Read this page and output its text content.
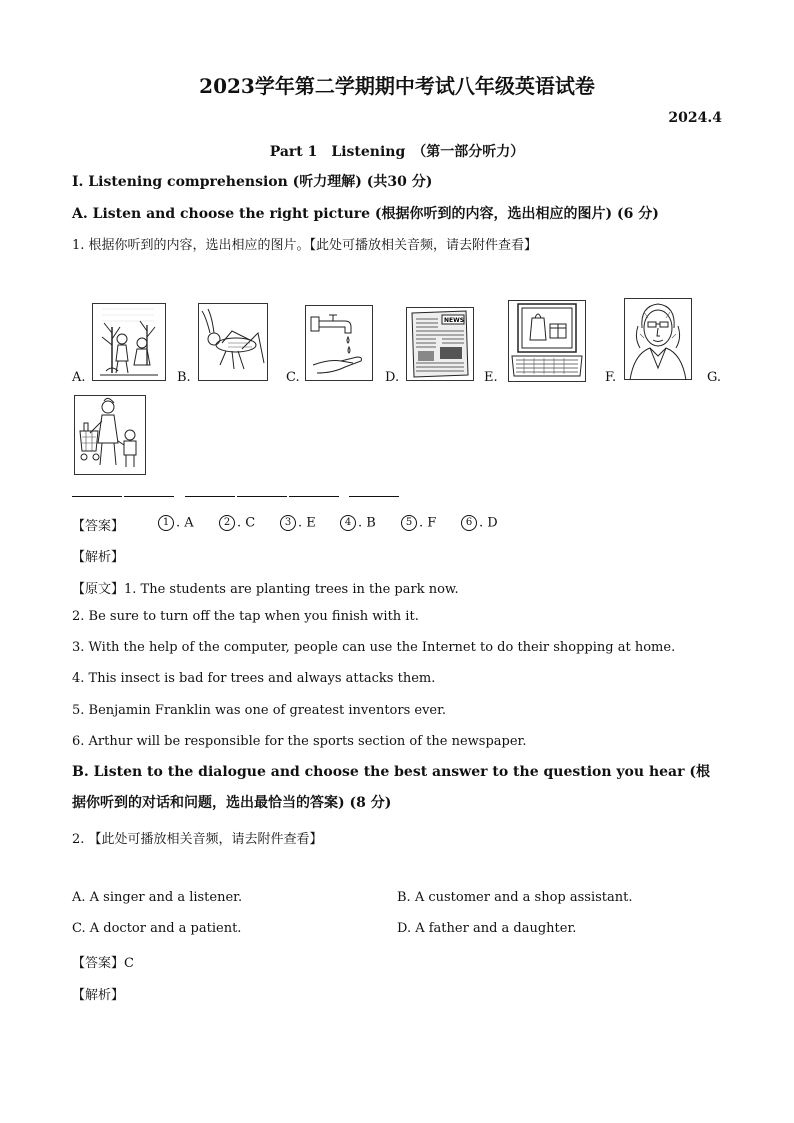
2023学年第二学期期中考试八年级英语试卷
2024.4
Part 1　Listening　（第一部分听力）
I. Listening comprehension (听力理解) (共30 分)
A. Listen and choose the right picture (根据你听到的内容，选出相应的图片) (6 分)
1. 根据你听到的内容，选出相应的图片。【此处可播放相关音频，请去附件查看】
A.	B.	C.	D.
NEWS
E.	F.	G.
【答案】	1 . A	2 . C	3 . E	4 . B	5 . F	6 . D
【解析】
【原文】1. The students are planting trees in the park now.
2. Be sure to turn off the tap when you finish with it.
3. With the help of the computer, people can use the Internet to do their shopping at home.
4. This insect is bad for trees and always attacks them.
5. Benjamin Franklin was one of greatest inventors ever.
6. Arthur will be responsible for the sports section of the newspaper.
B. Listen to the dialogue and choose the best answer to the question you hear (根据你听到的对话和问题，选出最恰当的答案) (8 分)
2. 【此处可播放相关音频，请去附件查看】
A. A singer and a listener.	B. A customer and a shop assistant.
C. A doctor and a patient.	D. A father and a daughter.
【答案】C
【解析】
